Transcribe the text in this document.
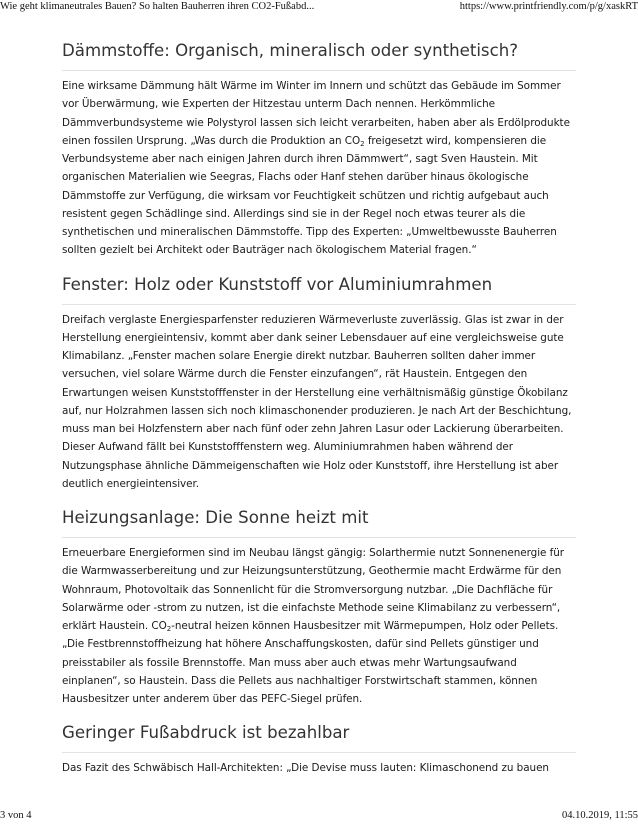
Wie geht klimaneutrales Bauen? So halten Bauherren ihren CO2-Fußabd...	https://www.printfriendly.com/p/g/xaskRT
Dämmstoffe: Organisch, mineralisch oder synthetisch?

Eine wirksame Dämmung hält Wärme im Winter im Innern und schützt das Gebäude im Sommer vor Überwärmung, wie Experten der Hitzestau unterm Dach nennen. Herkömmliche Dämmverbundsysteme wie Polystyrol lassen sich leicht verarbeiten, haben aber als Erdölprodukte einen fossilen Ursprung. „Was durch die Produktion an $CO_2$ freigesetzt wird, kompensieren die Verbundsysteme aber nach einigen Jahren durch ihren Dämmwert“, sagt Sven Haustein. Mit organischen Materialien wie Seegras, Flachs oder Hanf stehen darüber hinaus ökologische Dämmstoffe zur Verfügung, die wirksam vor Feuchtigkeit schützen und richtig aufgebaut auch resistent gegen Schädlinge sind. Allerdings sind sie in der Regel noch etwas teurer als die synthetischen und mineralischen Dämmstoffe. Tipp des Experten: „Umweltbewusste Bauherren sollten gezielt bei Architekt oder Bauträger nach ökologischem Material fragen.“

Fenster: Holz oder Kunststoff vor Aluminiumrahmen

Dreifach verglaste Energiesparfenster reduzieren Wärmeverluste zuverlässig. Glas ist zwar in der Herstellung energieintensiv, kommt aber dank seiner Lebensdauer auf eine vergleichsweise gute Klimabilanz. „Fenster machen solare Energie direkt nutzbar. Bauherren sollten daher immer versuchen, viel solare Wärme durch die Fenster einzufangen“, rät Haustein. Entgegen den Erwartungen weisen Kunststofffenster in der Herstellung eine verhältnismäßig günstige Ökobilanz auf, nur Holzrahmen lassen sich noch klimaschonender produzieren. Je nach Art der Beschichtung, muss man bei Holzfenstern aber nach fünf oder zehn Jahren Lasur oder Lackierung überarbeiten. Dieser Aufwand fällt bei Kunststofffenstern weg. Aluminiumrahmen haben während der Nutzungsphase ähnliche Dämmeigenschaften wie Holz oder Kunststoff, ihre Herstellung ist aber deutlich energieintensiver.

Heizungsanlage: Die Sonne heizt mit

Erneuerbare Energieformen sind im Neubau längst gängig: Solarthermie nutzt Sonnenenergie für die Warmwasserbereitung und zur Heizungsunterstützung, Geothermie macht Erdwärme für den Wohnraum, Photovoltaik das Sonnenlicht für die Stromversorgung nutzbar. „Die Dachfläche für Solarwärme oder -strom zu nutzen, ist die einfachste Methode seine Klimabilanz zu verbessern“, erklärt Haustein. $CO_2$-neutral heizen können Hausbesitzer mit Wärmepumpen, Holz oder Pellets. „Die Festbrennstoffheizung hat höhere Anschaffungskosten, dafür sind Pellets günstiger und preisstabiler als fossile Brennstoffe. Man muss aber auch etwas mehr Wartungsaufwand einplanen“, so Haustein. Dass die Pellets aus nachhaltiger Forstwirtschaft stammen, können Hausbesitzer unter anderem über das PEFC-Siegel prüfen.

Geringer Fußabdruck ist bezahlbar

Das Fazit des Schwäbisch Hall-Architekten: „Die Devise muss lauten: Klimaschonend zu bauen

3 von 4	04.10.2019, 11:55
